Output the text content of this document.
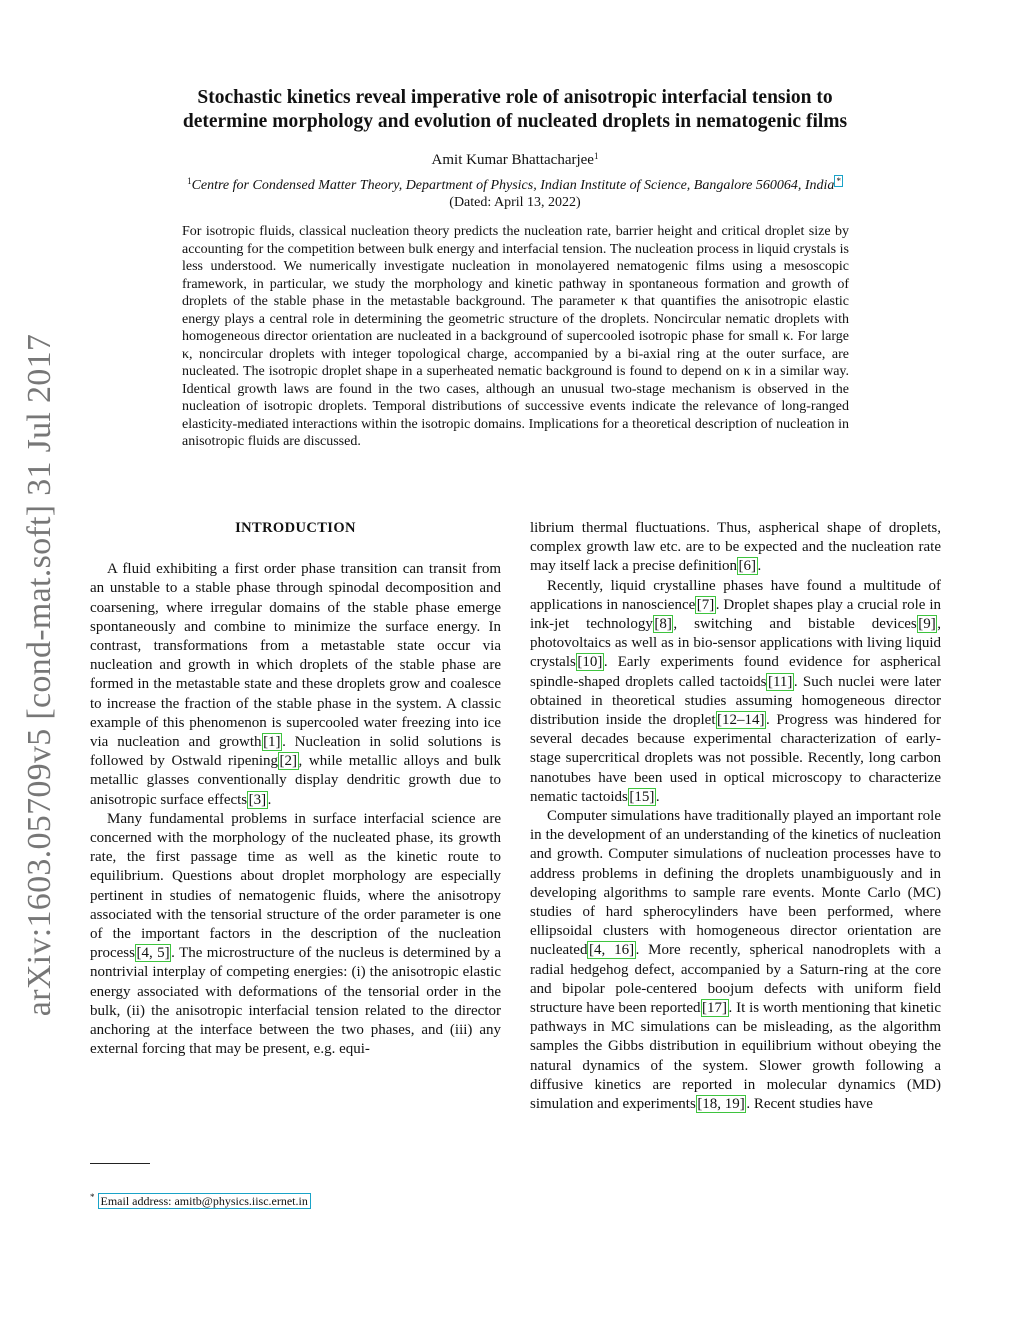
arXiv:1603.05709v5 [cond-mat.soft] 31 Jul 2017
Stochastic kinetics reveal imperative role of anisotropic interfacial tension to
determine morphology and evolution of nucleated droplets in nematogenic films
Amit Kumar Bhattacharjee$^1$
$^1$Centre for Condensed Matter Theory, Department of Physics, Indian Institute of Science, Bangalore 560064, India *
(Dated: April 13, 2022)
For isotropic fluids, classical nucleation theory predicts the nucleation rate, barrier height and critical droplet size by accounting for the competition between bulk energy and interfacial tension. The nucleation process in liquid crystals is less understood. We numerically investigate nucleation in monolayered nematogenic films using a mesoscopic framework, in particular, we study the morphology and kinetic pathway in spontaneous formation and growth of droplets of the stable phase in the metastable background. The parameter κ that quantifies the anisotropic elastic energy plays a central role in determining the geometric structure of the droplets. Noncircular nematic droplets with homogeneous director orientation are nucleated in a background of supercooled isotropic phase for small κ. For large κ, noncircular droplets with integer topological charge, accompanied by a bi-axial ring at the outer surface, are nucleated. The isotropic droplet shape in a superheated nematic background is found to depend on κ in a similar way. Identical growth laws are found in the two cases, although an unusual two-stage mechanism is observed in the nucleation of isotropic droplets. Temporal distributions of successive events indicate the relevance of long-ranged elasticity-mediated interactions within the isotropic domains. Implications for a theoretical description of nucleation in anisotropic fluids are discussed.
INTRODUCTION

A fluid exhibiting a first order phase transition can transit from an unstable to a stable phase through spinodal decomposition and coarsening, where irregular domains of the stable phase emerge spontaneously and combine to minimize the surface energy. In contrast, transformations from a metastable state occur via nucleation and growth in which droplets of the stable phase are formed in the metastable state and these droplets grow and coalesce to increase the fraction of the stable phase in the system. A classic example of this phenomenon is supercooled water freezing into ice via nucleation and growth [1] . Nucleation in solid solutions is followed by Ostwald ripening [2] , while metallic alloys and bulk metallic glasses conventionally display dendritic growth due to anisotropic surface effects [3] .

Many fundamental problems in surface interfacial science are concerned with the morphology of the nucleated phase, its growth rate, the first passage time as well as the kinetic route to equilibrium. Questions about droplet morphology are especially pertinent in studies of nematogenic fluids, where the anisotropy associated with the tensorial structure of the order parameter is one of the important factors in the description of the nucleation process [4, 5] . The microstructure of the nucleus is determined by a nontrivial interplay of competing energies: (i) the anisotropic elastic energy associated with deformations of the tensorial order in the bulk, (ii) the anisotropic interfacial tension related to the director anchoring at the interface between the two phases, and (iii) any external forcing that may be present, e.g. equi-

librium thermal fluctuations. Thus, aspherical shape of droplets, complex growth law etc. are to be expected and the nucleation rate may itself lack a precise definition [6] .

Recently, liquid crystalline phases have found a multitude of applications in nanoscience [7] . Droplet shapes play a crucial role in ink-jet technology [8] , switching and bistable devices [9] , photovoltaics as well as in bio-sensor applications with living liquid crystals [10] . Early experiments found evidence for aspherical spindle-shaped droplets called tactoids [11] . Such nuclei were later obtained in theoretical studies assuming homogeneous director distribution inside the droplet [12–14] . Progress was hindered for several decades because experimental characterization of early-stage supercritical droplets was not possible. Recently, long carbon nanotubes have been used in optical microscopy to characterize nematic tactoids [15] .

Computer simulations have traditionally played an important role in the development of an understanding of the kinetics of nucleation and growth. Computer simulations of nucleation processes have to address problems in defining the droplets unambiguously and in developing algorithms to sample rare events. Monte Carlo (MC) studies of hard spherocylinders have been performed, where ellipsoidal clusters with homogeneous director orientation are nucleated [4, 16] . More recently, spherical nanodroplets with a radial hedgehog defect, accompanied by a Saturn-ring at the core and bipolar pole-centered boojum defects with uniform field structure have been reported [17] . It is worth mentioning that kinetic pathways in MC simulations can be misleading, as the algorithm samples the Gibbs distribution in equilibrium without obeying the natural dynamics of the system. Slower growth following a diffusive kinetics are reported in molecular dynamics (MD) simulation and experiments [18, 19] . Recent studies have

* Email address: amitb@physics.iisc.ernet.in
